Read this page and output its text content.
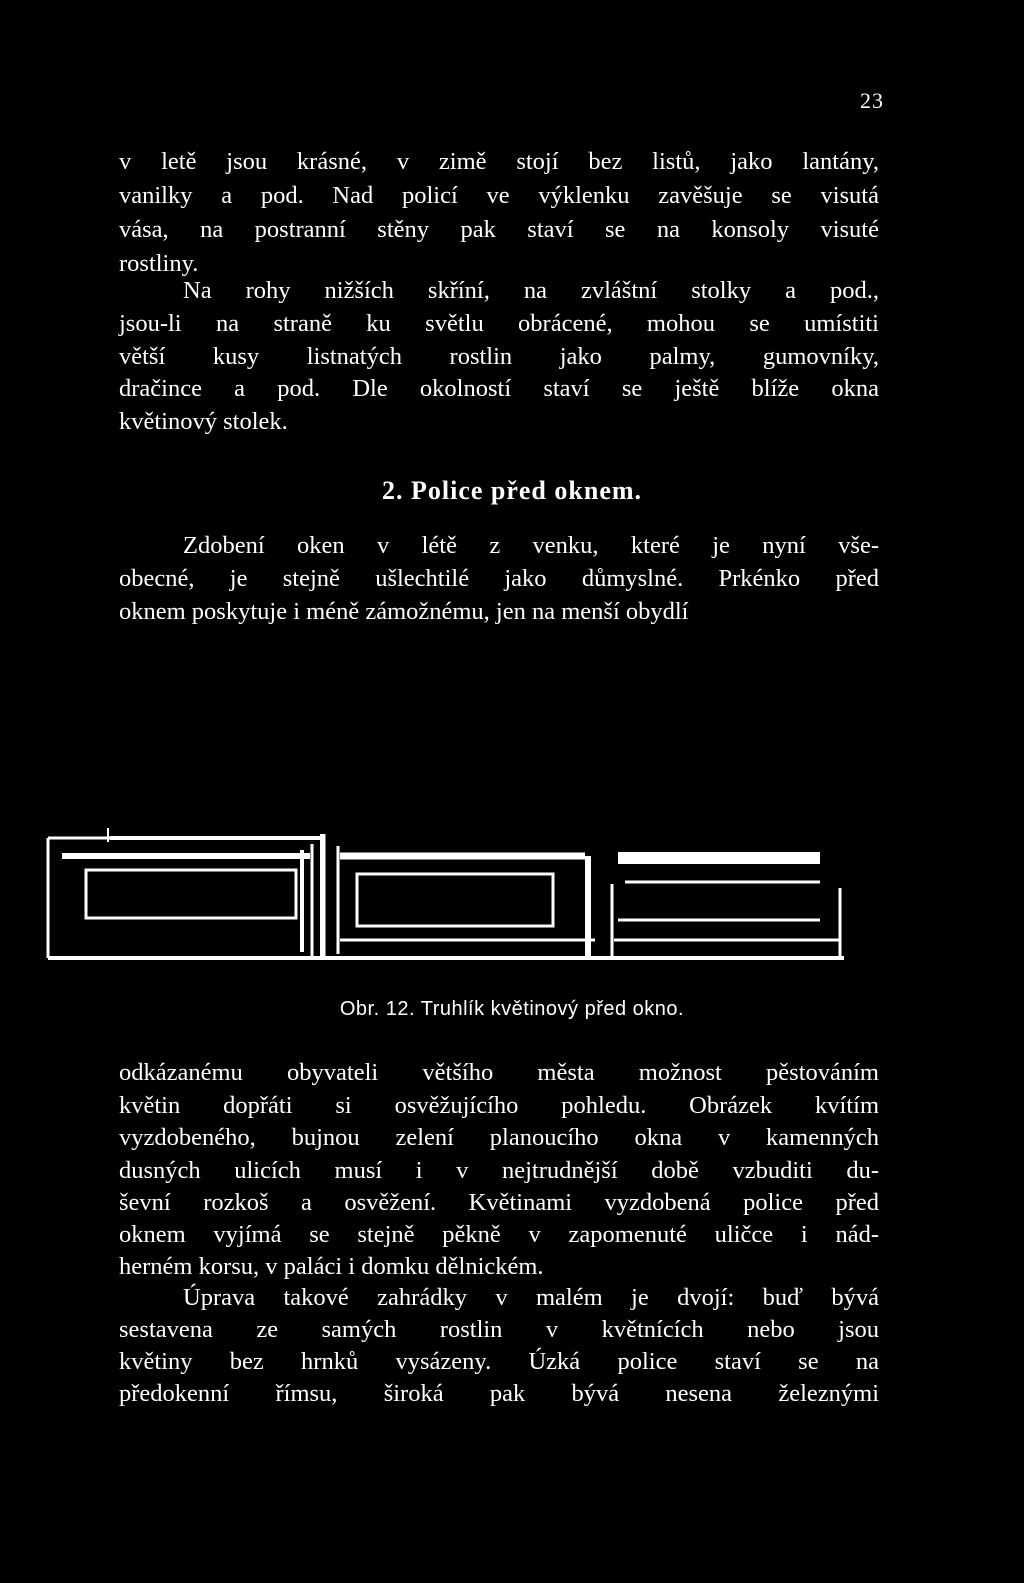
23
v letě jsou krásné, v zimě stojí bez listů, jako lantány,
vanilky a pod. Nad policí ve výklenku zavěšuje se visutá
vása, na postranní stěny pak staví se na konsoly visuté
rostliny.
Na rohy nižších skříní, na zvláštní stolky a pod.,
jsou-li na straně ku světlu obrácené, mohou se umístiti
větší kusy listnatých rostlin jako palmy, gumovníky,
dračince a pod. Dle okolností staví se ještě blíže okna
květinový stolek.
2. Police před oknem.
Zdobení oken v létě z venku, které je nyní vše-
obecné, je stejně ušlechtilé jako důmyslné. Prkénko před
oknem poskytuje i méně zámožnému, jen na menší obydlí
Obr. 12. Truhlík květinový před okno.
odkázanému obyvateli většího města možnost pěstováním
květin dopřáti si osvěžujícího pohledu. Obrázek kvítím
vyzdobeného, bujnou zelení planoucího okna v kamenných
dusných ulicích musí i v nejtrudnější době vzbuditi du-
ševní rozkoš a osvěžení. Květinami vyzdobená police před
oknem vyjímá se stejně pěkně v zapomenuté uličce i nád-
herném korsu, v paláci i domku dělnickém.
Úprava takové zahrádky v malém je dvojí: buď bývá
sestavena ze samých rostlin v květnících nebo jsou
květiny bez hrnků vysázeny. Úzká police staví se na
předokenní římsu, široká pak bývá nesena železnými
